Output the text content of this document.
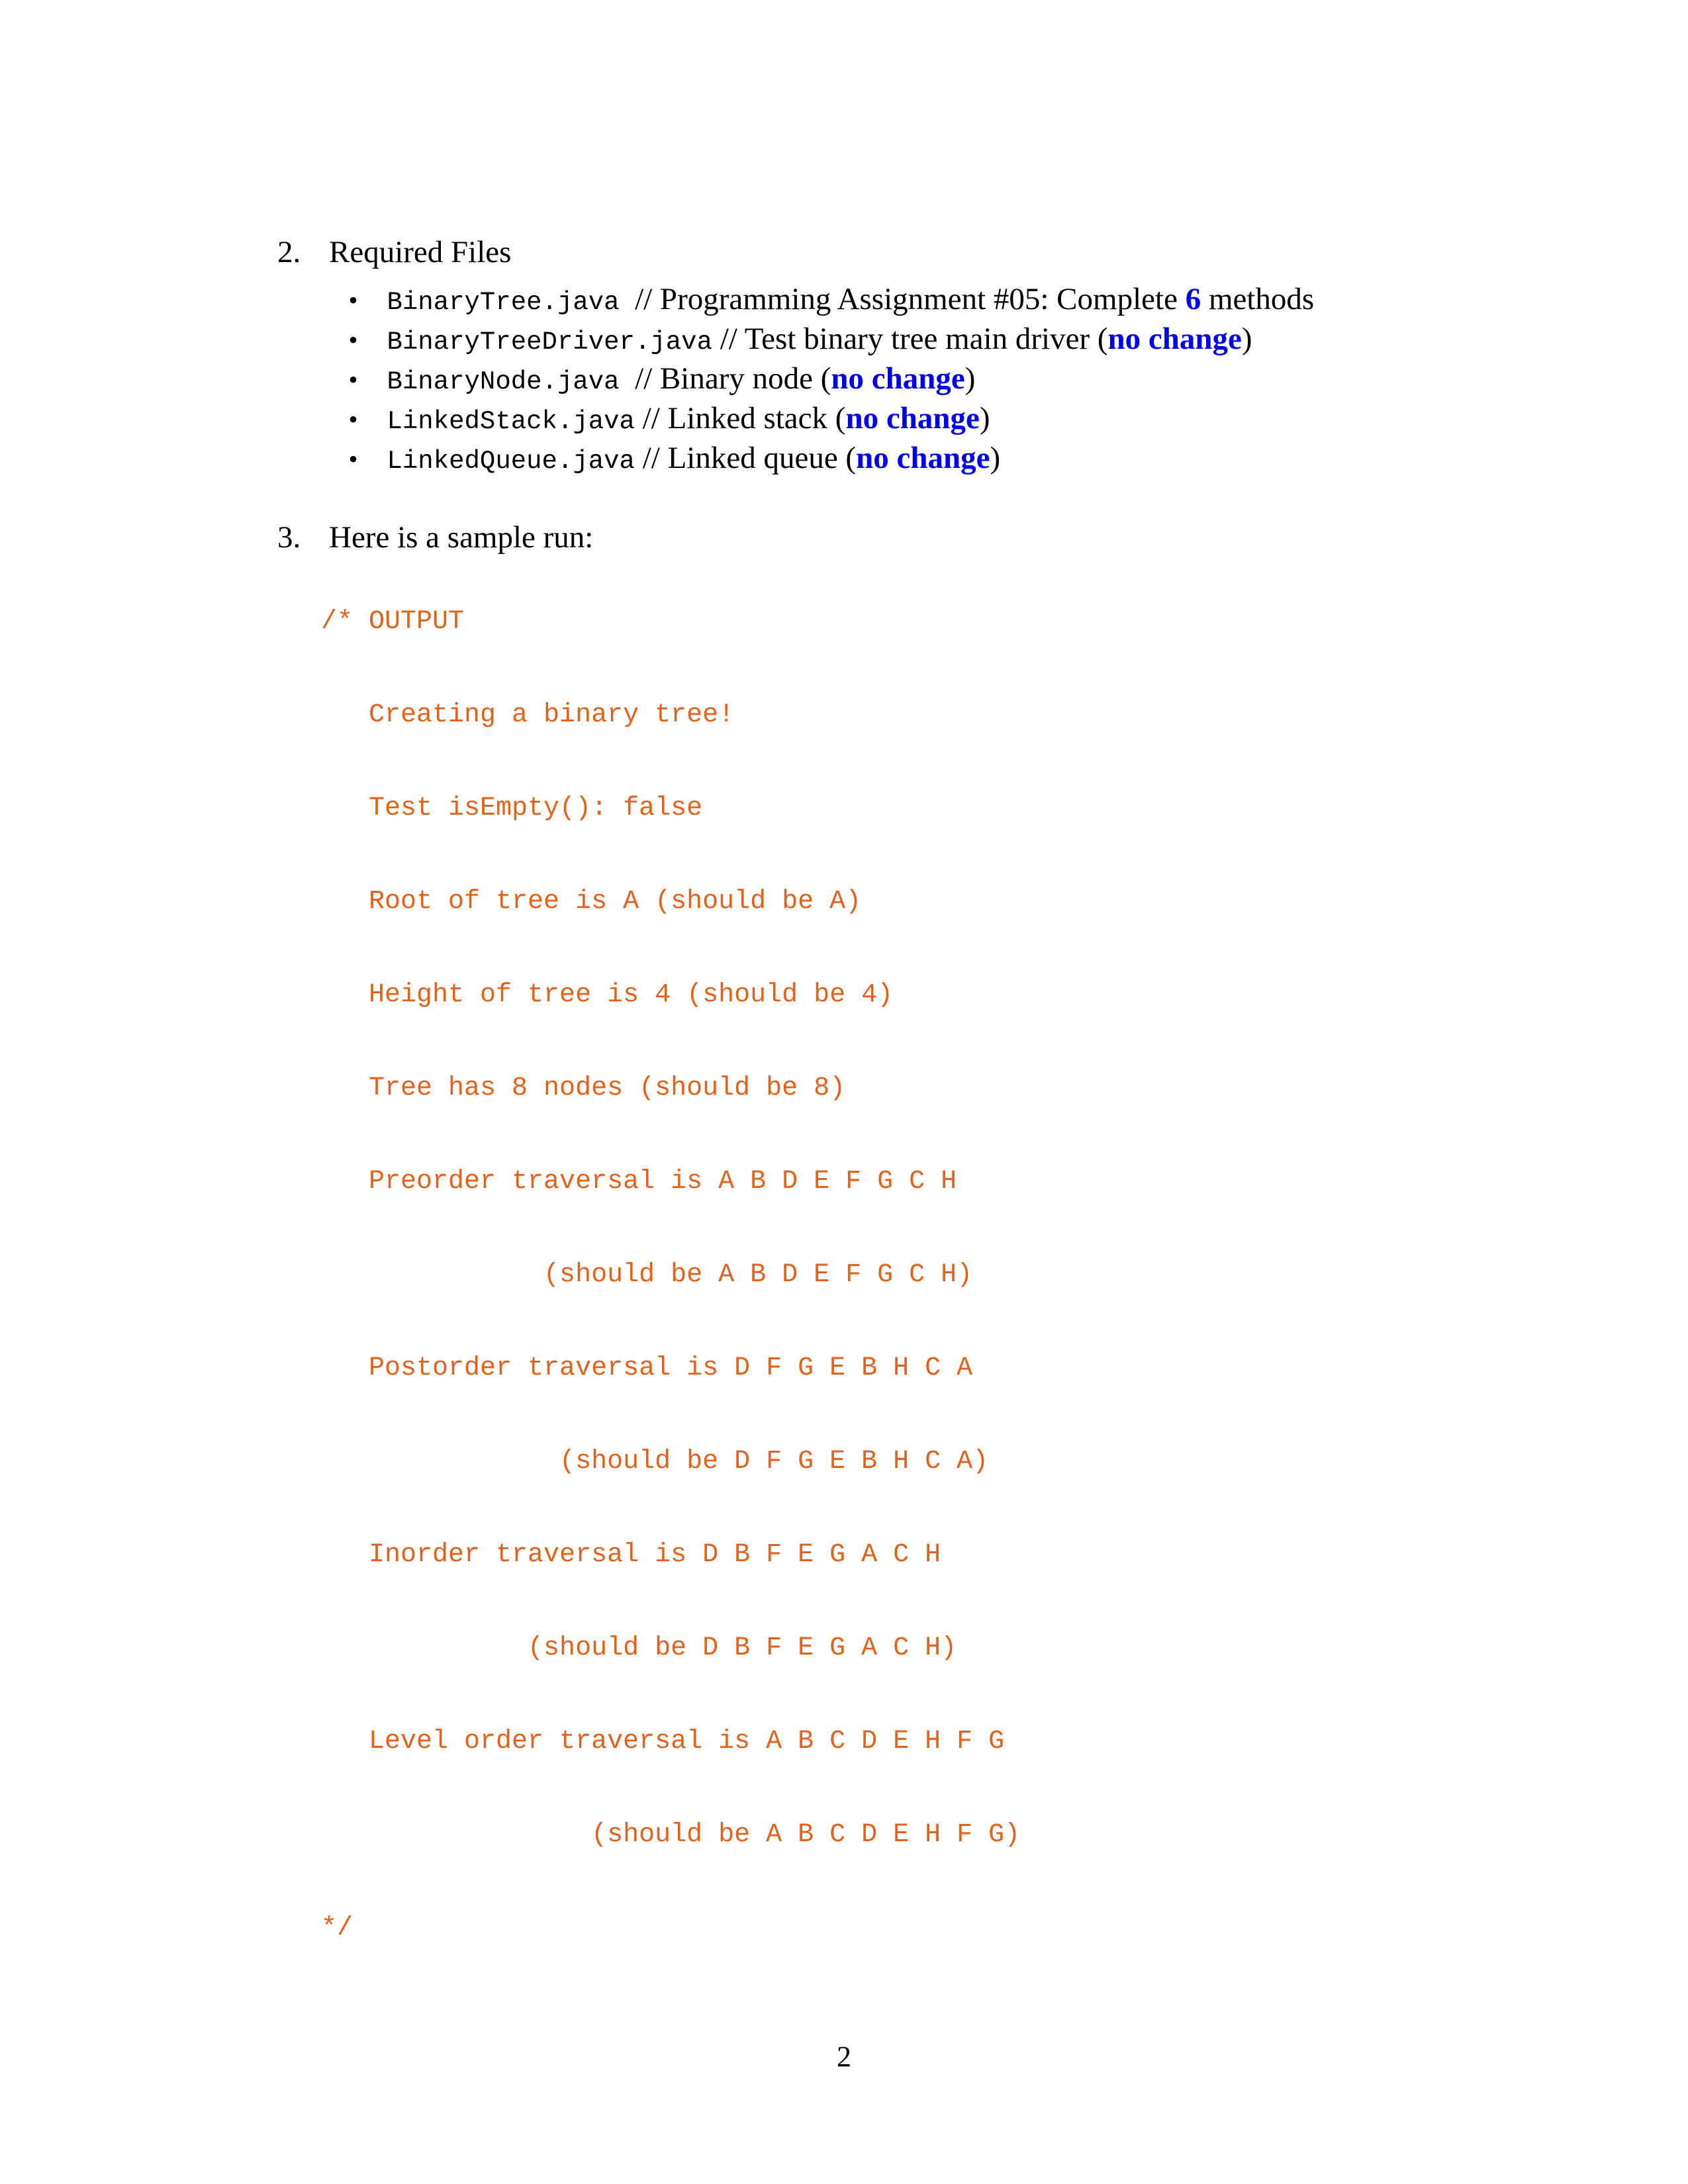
2. Required Files

• BinaryTree.java  // Programming Assignment #05: Complete 6 methods

• BinaryTreeDriver.java // Test binary tree main driver (no change)

• BinaryNode.java  // Binary node (no change)

• LinkedStack.java // Linked stack (no change)

• LinkedQueue.java // Linked queue (no change)

3. Here is a sample run:

/* OUTPUT

Creating a binary tree!

Test isEmpty(): false

Root of tree is A (should be A)

Height of tree is 4 (should be 4)

Tree has 8 nodes (should be 8)

Preorder traversal is A B D E F G C H

(should be A B D E F G C H)

Postorder traversal is D F G E B H C A

(should be D F G E B H C A)

Inorder traversal is D B F E G A C H

(should be D B F E G A C H)

Level order traversal is A B C D E H F G

(should be A B C D E H F G)

*/

2
